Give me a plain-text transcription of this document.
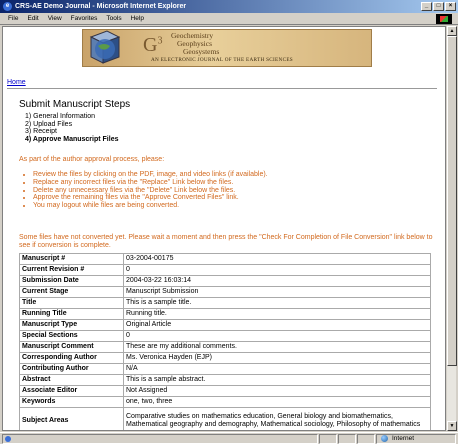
e CRS-AE Demo Journal - Microsoft Internet Explorer	_	□	×
File Edit View Favorites Tools Help
$G^3$ Geochemistry
Geophysics
Geosystems
AN ELECTRONIC JOURNAL OF THE EARTH SCIENCES
Home
Submit Manuscript Steps
1) General Information
2) Upload Files
3) Receipt
4) Approve Manuscript Files
As part of the author approval process, please:
• Review the files by clicking on the PDF, image, and video links (if available).
• Replace any incorrect files via the "Replace" Link below the files.
• Delete any unnecessary files via the "Delete" Link below the files.
• Approve the remaining files via the "Approve Converted Files" link.
• You may logout while files are being converted.
Some files have not converted yet. Please wait a moment and then press the "Check For Completion of File Conversion" link below to see if conversion is complete.
Manuscript #	03-2004-00175
Current Revision #	0
Submission Date	2004-03-22 16:03:14
Current Stage	Manuscript Submission
Title	This is a sample title.
Running Title	Running title.
Manuscript Type	Original Article
Special Sections	0
Manuscript Comment	These are my additional comments.
Corresponding Author	Ms. Veronica Hayden (EJP)
Contributing Author	N/A
Abstract	This is a sample abstract.
Associate Editor	Not Assigned
Keywords	one, two, three
Subject Areas	Comparative studies on mathematics education, General biology and biomathematics, Mathematical geography and demography, Mathematical sociology, Philosophy of mathematics
▲
▼
Internet
